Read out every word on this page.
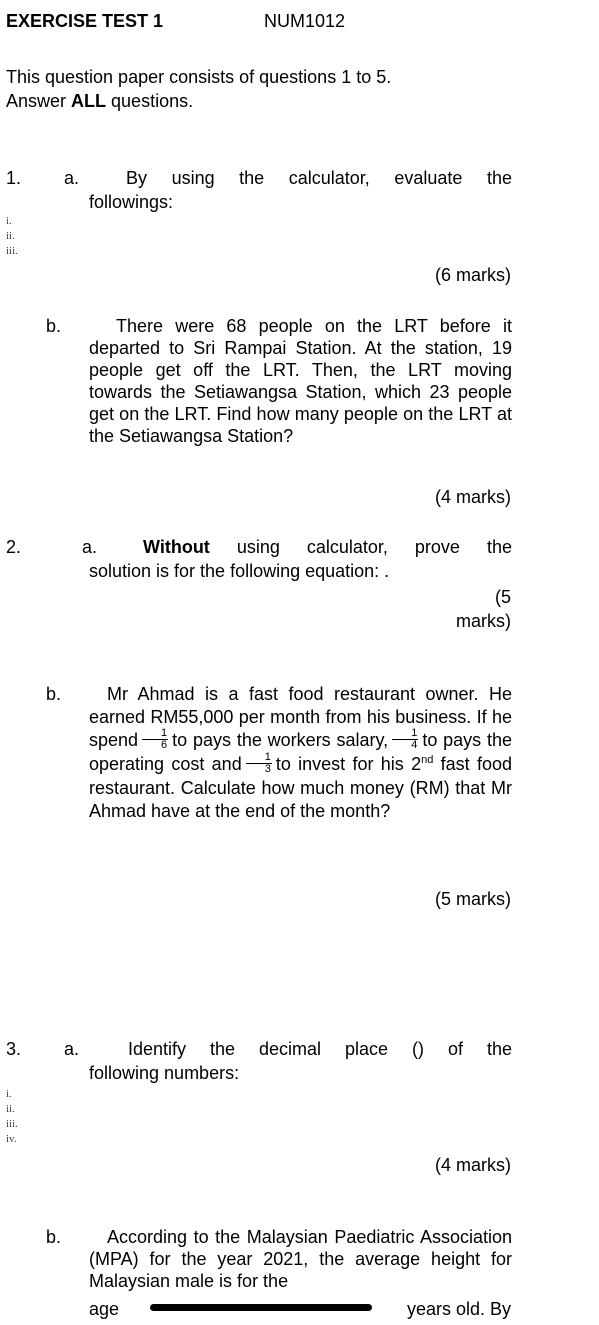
EXERCISE TEST 1	NUM1012
This question paper consists of questions 1 to 5.
Answer ALL questions.
1. a.	By using the calculator, evaluate the
followings:
i.
ii.
iii.
(6 marks)
b.	There were 68 people on the LRT before it departed to Sri Rampai Station. At the station, 19 people get off the LRT. Then, the LRT moving towards the Setiawangsa Station, which 23 people get on the LRT. Find how many people on the LRT at the Setiawangsa Station?
(4 marks)
2.	a.	Without using calculator, prove the
solution is for the following equation: .
(5
marks)
b.	Mr Ahmad is a fast food restaurant owner. He earned RM55,000 per month from his business. If he spend $\frac{1}{6}$ to pays the workers salary, $\frac{1}{4}$ to pays the operating cost and $\frac{1}{3}$ to invest for his 2nd fast food restaurant. Calculate how much money (RM) that Mr Ahmad have at the end of the month?

(5 marks)
3. a.	Identify the decimal place () of the
following numbers:
i.
ii.
iii.
iv.
(4 marks)
b.	According to the Malaysian Paediatric Association (MPA) for the year 2021, the average height for Malaysian male is for the
age	years old. By
